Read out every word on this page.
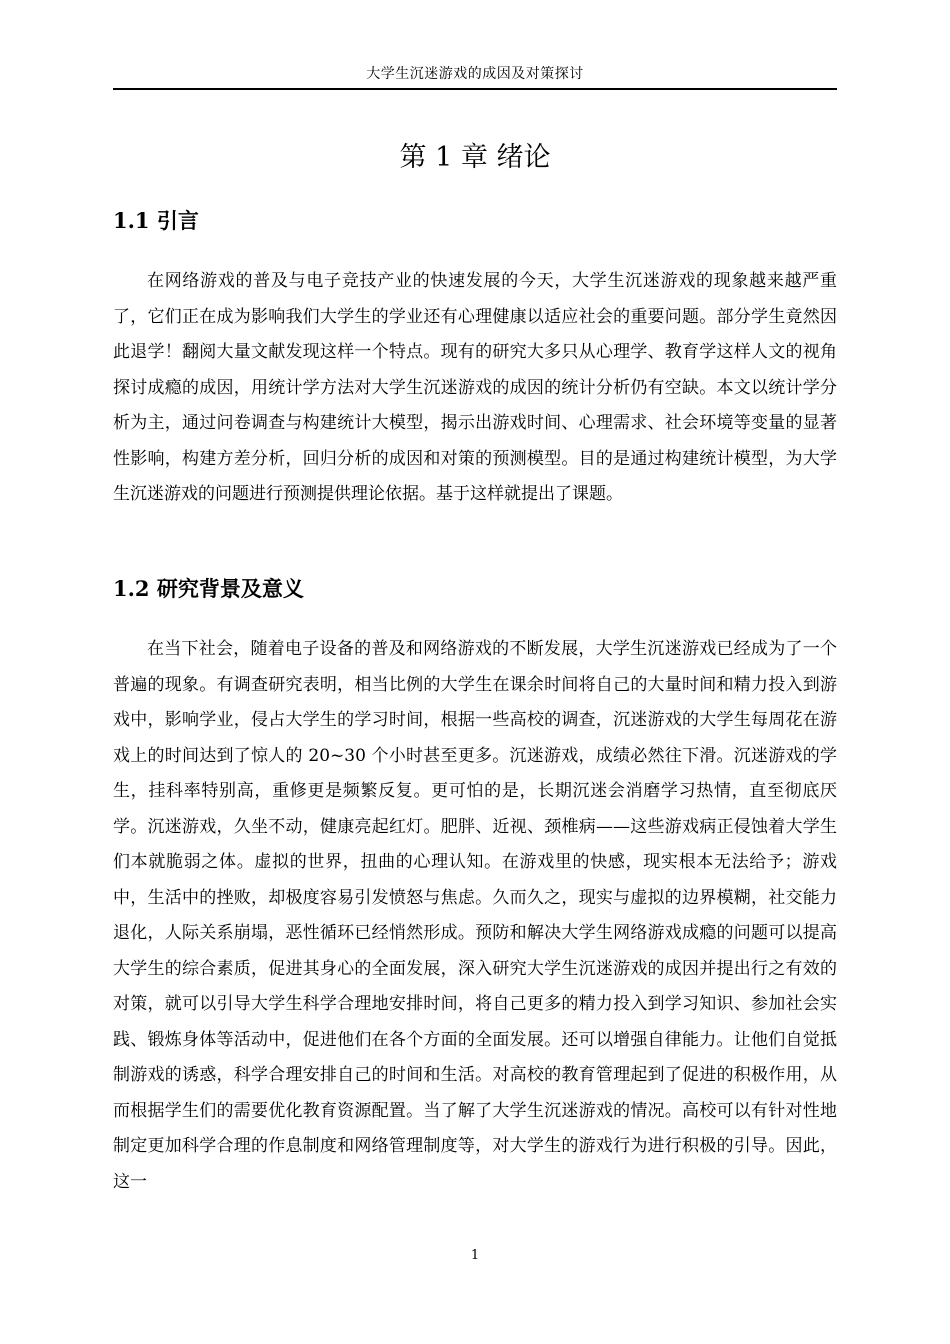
大学生沉迷游戏的成因及对策探讨
第 1 章 绪论
1.1 引言

在网络游戏的普及与电子竞技产业的快速发展的今天，大学生沉迷游戏的现象越来越严重了，它们正在成为影响我们大学生的学业还有心理健康以适应社会的重要问题。部分学生竟然因此退学！翻阅大量文献发现这样一个特点。现有的研究大多只从心理学、教育学这样人文的视角探讨成瘾的成因，用统计学方法对大学生沉迷游戏的成因的统计分析仍有空缺。本文以统计学分析为主，通过问卷调查与构建统计大模型，揭示出游戏时间、心理需求、社会环境等变量的显著性影响，构建方差分析，回归分析的成因和对策的预测模型。目的是通过构建统计模型，为大学生沉迷游戏的问题进行预测提供理论依据。基于这样就提出了课题。

1.2 研究背景及意义

在当下社会，随着电子设备的普及和网络游戏的不断发展，大学生沉迷游戏已经成为了一个普遍的现象。有调查研究表明，相当比例的大学生在课余时间将自己的大量时间和精力投入到游戏中，影响学业，侵占大学生的学习时间，根据一些高校的调查，沉迷游戏的大学生每周花在游戏上的时间达到了惊人的 20~30 个小时甚至更多。沉迷游戏，成绩必然往下滑。沉迷游戏的学生，挂科率特别高，重修更是频繁反复。更可怕的是，长期沉迷会消磨学习热情，直至彻底厌学。沉迷游戏，久坐不动，健康亮起红灯。肥胖、近视、颈椎病——这些游戏病正侵蚀着大学生们本就脆弱之体。虚拟的世界，扭曲的心理认知。在游戏里的快感，现实根本无法给予；游戏中，生活中的挫败，却极度容易引发愤怒与焦虑。久而久之，现实与虚拟的边界模糊，社交能力退化，人际关系崩塌，恶性循环已经悄然形成。预防和解决大学生网络游戏成瘾的问题可以提高大学生的综合素质，促进其身心的全面发展，深入研究大学生沉迷游戏的成因并提出行之有效的对策，就可以引导大学生科学合理地安排时间，将自己更多的精力投入到学习知识、参加社会实践、锻炼身体等活动中，促进他们在各个方面的全面发展。还可以增强自律能力。让他们自觉抵制游戏的诱惑，科学合理安排自己的时间和生活。对高校的教育管理起到了促进的积极作用，从而根据学生们的需要优化教育资源配置。当了解了大学生沉迷游戏的情况。高校可以有针对性地制定更加科学合理的作息制度和网络管理制度等，对大学生的游戏行为进行积极的引导。因此，这一

1
